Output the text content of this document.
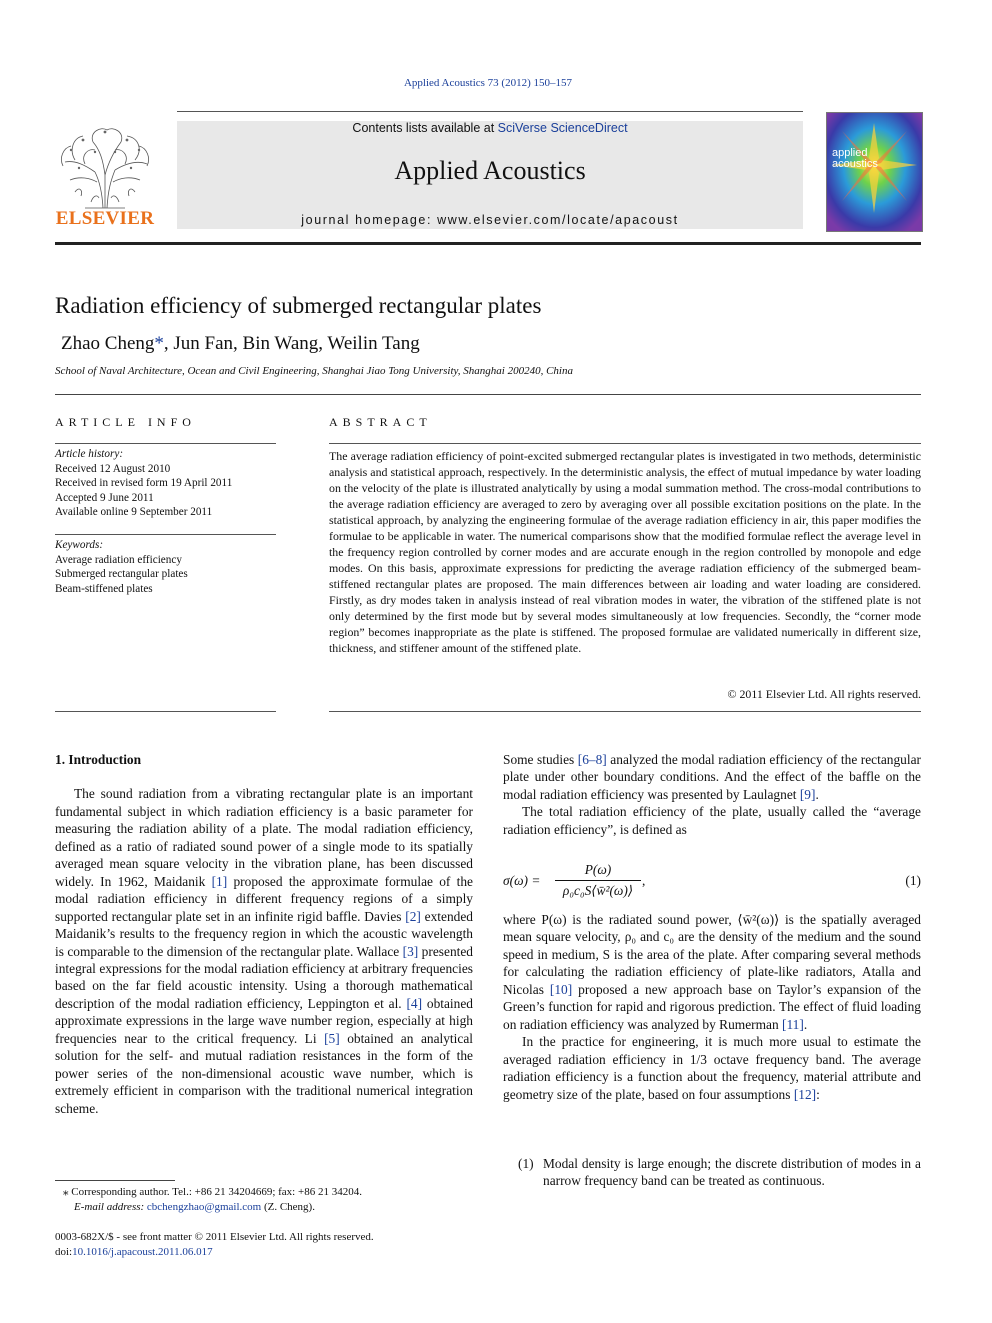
Applied Acoustics 73 (2012) 150–157
ELSEVIER
Contents lists available at SciVerse ScienceDirect
Applied Acoustics
journal homepage: www.elsevier.com/locate/apacoust
applied
acoustics
Radiation efficiency of submerged rectangular plates
Zhao Cheng*, Jun Fan, Bin Wang, Weilin Tang
School of Naval Architecture, Ocean and Civil Engineering, Shanghai Jiao Tong University, Shanghai 200240, China
ARTICLE INFO
Article history:
Received 12 August 2010
Received in revised form 19 April 2011
Accepted 9 June 2011
Available online 9 September 2011
Keywords:
Average radiation efficiency
Submerged rectangular plates
Beam-stiffened plates
ABSTRACT
The average radiation efficiency of point-excited submerged rectangular plates is investigated in two methods, deterministic analysis and statistical approach, respectively. In the deterministic analysis, the effect of mutual impedance by water loading on the velocity of the plate is illustrated analytically by using a modal summation method. The cross-modal contributions to the average radiation efficiency are averaged to zero by averaging over all possible excitation positions on the plate. In the statistical approach, by analyzing the engineering formulae of the average radiation efficiency in air, this paper modifies the formulae to be applicable in water. The numerical comparisons show that the modified formulae reflect the average level in the frequency region controlled by corner modes and are accurate enough in the region controlled by monopole and edge modes. On this basis, approximate expressions for predicting the average radiation efficiency of the submerged beam-stiffened rectangular plates are proposed. The main differences between air loading and water loading are considered. Firstly, as dry modes taken in analysis instead of real vibration modes in water, the vibration of the stiffened plate is not only determined by the first mode but by several modes simultaneously at low frequencies. Secondly, the “corner mode region” becomes inappropriate as the plate is stiffened. The proposed formulae are validated numerically in different size, thickness, and stiffener amount of the stiffened plate.
© 2011 Elsevier Ltd. All rights reserved.
1. Introduction

The sound radiation from a vibrating rectangular plate is an important fundamental subject in which radiation efficiency is a basic parameter for measuring the radiation ability of a plate. The modal radiation efficiency, defined as a ratio of radiated sound power of a single mode to its spatially averaged mean square velocity in the vibration plane, has been discussed widely. In 1962, Maidanik [1] proposed the approximate formulae of the modal radiation efficiency in different frequency regions of a simply supported rectangular plate set in an infinite rigid baffle. Davies [2] extended Maidanik’s results to the frequency region in which the acoustic wavelength is comparable to the dimension of the rectangular plate. Wallace [3] presented integral expressions for the modal radiation efficiency at arbitrary frequencies based on the far field acoustic intensity. Using a thorough mathematical description of the modal radiation efficiency, Leppington et al. [4] obtained approximate expressions in the large wave number region, especially at high frequencies near to the critical frequency. Li [5] obtained an analytical solution for the self- and mutual radiation resistances in the form of the power series of the non-dimensional acoustic wave number, which is extremely efficient in comparison with the traditional numerical integration scheme.

Some studies [6–8] analyzed the modal radiation efficiency of the rectangular plate under other boundary conditions. And the effect of the baffle on the modal radiation efficiency was presented by Laulagnet [9].

The total radiation efficiency of the plate, usually called the “average radiation efficiency”, is defined as

$\sigma(\omega) = \frac{P(\omega)}{\text{ρ₀c₀S⟨w̄²(ω)⟩}}$ ,	(1)

where P(ω) is the radiated sound power, ⟨w̄²(ω)⟩ is the spatially averaged mean square velocity, ρ₀ and c₀ are the density of the medium and the sound speed in medium, S is the area of the plate. After comparing several methods for calculating the radiation efficiency of plate-like radiators, Atalla and Nicolas [10] proposed a new approach base on Taylor’s expansion of the Green’s function for rapid and rigorous prediction. The effect of fluid loading on radiation efficiency was analyzed by Rumerman [11].

In the practice for engineering, it is much more usual to estimate the averaged radiation efficiency in 1/3 octave frequency band. The average radiation efficiency is a function about the frequency, material attribute and geometry size of the plate, based on four assumptions [12]:

(1) Modal density is large enough; the discrete distribution of modes in a narrow frequency band can be treated as continuous.
⁎ Corresponding author. Tel.: +86 21 34204669; fax: +86 21 34204.
E-mail address: cbchengzhao@gmail.com (Z. Cheng).
0003-682X/$ - see front matter © 2011 Elsevier Ltd. All rights reserved.
doi:10.1016/j.apacoust.2011.06.017
